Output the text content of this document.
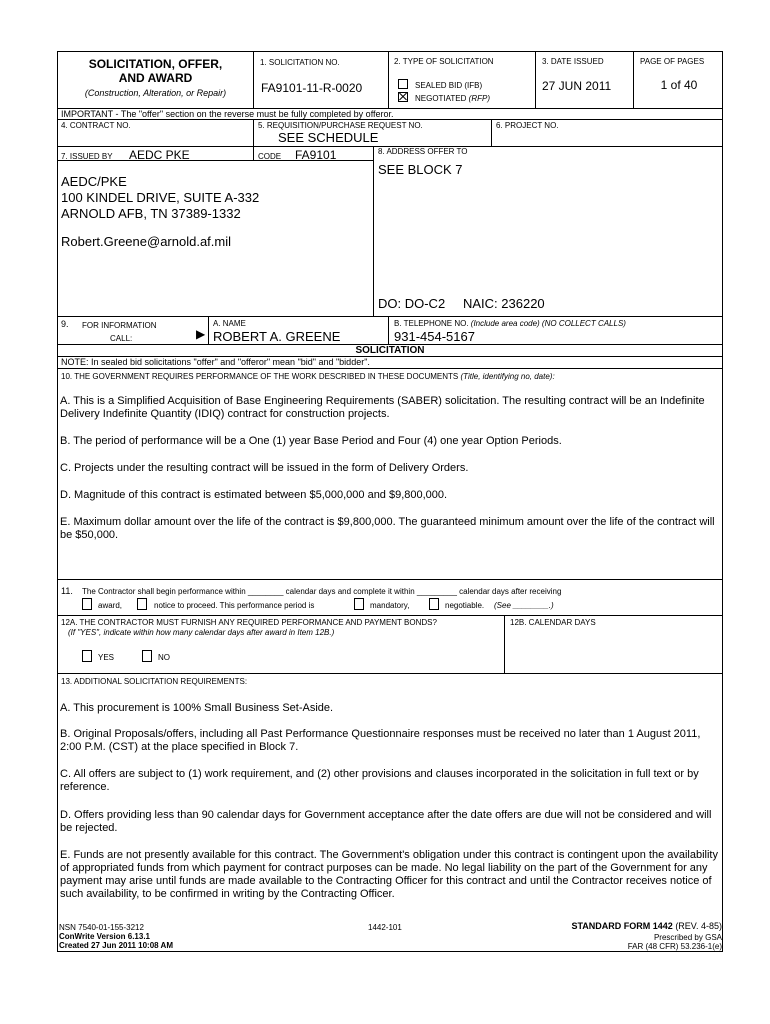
SOLICITATION, OFFER,
AND AWARD
(Construction, Alteration, or Repair)
1. SOLICITATION NO.
FA9101-11-R-0020
2. TYPE OF SOLICITATION
SEALED BID (IFB)
NEGOTIATED (RFP)
3. DATE ISSUED
27 JUN 2011
PAGE OF PAGES
1 of 40
IMPORTANT - The "offer" section on the reverse must be fully completed by offeror.
4. CONTRACT NO.	5. REQUISITION/PURCHASE REQUEST NO.
SEE SCHEDULE
6. PROJECT NO.
7. ISSUED BY AEDC PKE	CODE FA9101
AEDC/PKE
100 KINDEL DRIVE, SUITE A-332
ARNOLD AFB, TN 37389-1332
Robert.Greene@arnold.af.mil
8. ADDRESS OFFER TO
SEE BLOCK 7
DO: DO-C2 NAIC: 236220
9. FOR INFORMATION
CALL:	▶
A. NAME
ROBERT A. GREENE
B. TELEPHONE NO. (Include area code) (NO COLLECT CALLS)
931-454-5167
SOLICITATION
NOTE: In sealed bid solicitations "offer" and "offeror" mean "bid" and "bidder".
10. THE GOVERNMENT REQUIRES PERFORMANCE OF THE WORK DESCRIBED IN THESE DOCUMENTS (Title, identifying no, date):
A. This is a Simplified Acquisition of Base Engineering Requirements (SABER) solicitation. The resulting contract will be an Indefinite Delivery Indefinite Quantity (IDIQ) contract for construction projects.
B. The period of performance will be a One (1) year Base Period and Four (4) one year Option Periods.
C. Projects under the resulting contract will be issued in the form of Delivery Orders.
D. Magnitude of this contract is estimated between $5,000,000 and $9,800,000.
E. Maximum dollar amount over the life of the contract is $9,800,000. The guaranteed minimum amount over the life of the contract will be $50,000.
11. The Contractor shall begin performance within ________ calendar days and complete it within _________ calendar days after receiving
award,	notice to proceed. This performance period is	mandatory,	negotiable. (See ________.)
12A. THE CONTRACTOR MUST FURNISH ANY REQUIRED PERFORMANCE AND PAYMENT BONDS?
(If "YES", indicate within how many calendar days after award in Item 12B.)
YES	NO
12B. CALENDAR DAYS
13. ADDITIONAL SOLICITATION REQUIREMENTS:
A. This procurement is 100% Small Business Set-Aside.
B. Original Proposals/offers, including all Past Performance Questionnaire responses must be received no later than 1 August 2011, 2:00 P.M. (CST) at the place specified in Block 7.
C. All offers are subject to (1) work requirement, and (2) other provisions and clauses incorporated in the solicitation in full text or by reference.
D. Offers providing less than 90 calendar days for Government acceptance after the date offers are due will not be considered and will be rejected.
E. Funds are not presently available for this contract. The Government's obligation under this contract is contingent upon the availability of appropriated funds from which payment for contract purposes can be made. No legal liability on the part of the Government for any payment may arise until funds are made available to the Contracting Officer for this contract and until the Contractor receives notice of such availability, to be confirmed in writing by the Contracting Officer.
NSN 7540-01-155-3212
ConWrite Version 6.13.1
Created 27 Jun 2011 10:08 AM
1442-101	STANDARD FORM 1442 (REV. 4-85)
Prescribed by GSA
FAR (48 CFR) 53.236-1(e)
